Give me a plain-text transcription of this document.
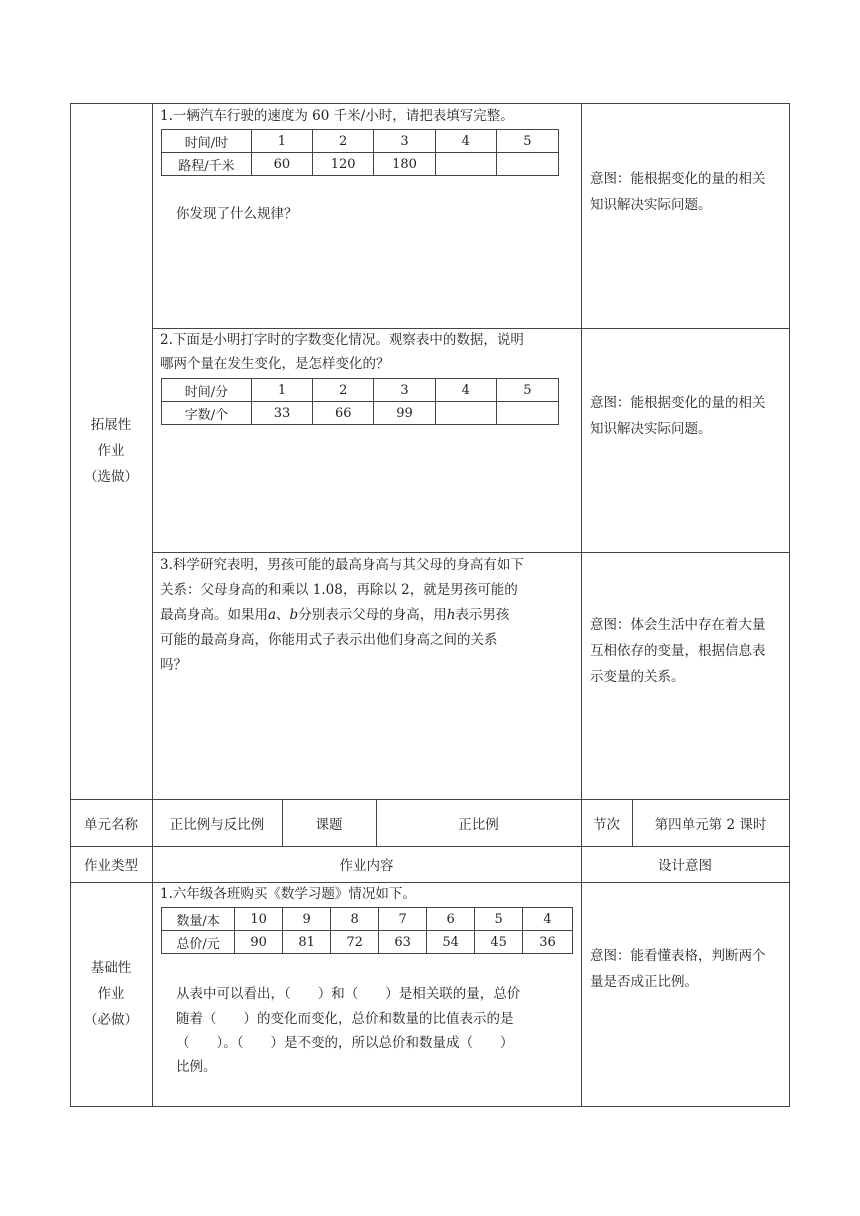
拓展性
作业
（选做）
1.一辆汽车行驶的速度为 60 千米/小时，请把表填写完整。
时间/时	1	2	3	4	5
路程/千米	60	120	180		
你发现了什么规律？
意图：能根据变化的量的相关知识解决实际问题。
2.下面是小明打字时的字数变化情况。观察表中的数据，说明
哪两个量在发生变化，是怎样变化的？
时间/分	1	2	3	4	5
字数/个	33	66	99		
意图：能根据变化的量的相关知识解决实际问题。
3.科学研究表明，男孩可能的最高身高与其父母的身高有如下
关系：父母身高的和乘以 1.08，再除以 2，就是男孩可能的
最高身高。如果用𝑎、𝑏分别表示父母的身高，用ℎ表示男孩
可能的最高身高，你能用式子表示出他们身高之间的关系
吗？
意图：体会生活中存在着大量互相依存的变量，根据信息表示变量的关系。
单元名称	正比例与反比例	课题	正比例	节次	第四单元第 2 课时
作业类型	作业内容	设计意图
基础性
作业
（必做）
1.六年级各班购买《数学习题》情况如下。
数量/本	10	9	8	7	6	5	4
总价/元	90	81	72	63	54	45	36
从表中可以看出，（　　）和（　　）是相关联的量，总价
随着（　　）的变化而变化，总价和数量的比值表示的是
（　　）。（　　）是不变的，所以总价和数量成（　　）
比例。
意图：能看懂表格，判断两个量是否成正比例。
